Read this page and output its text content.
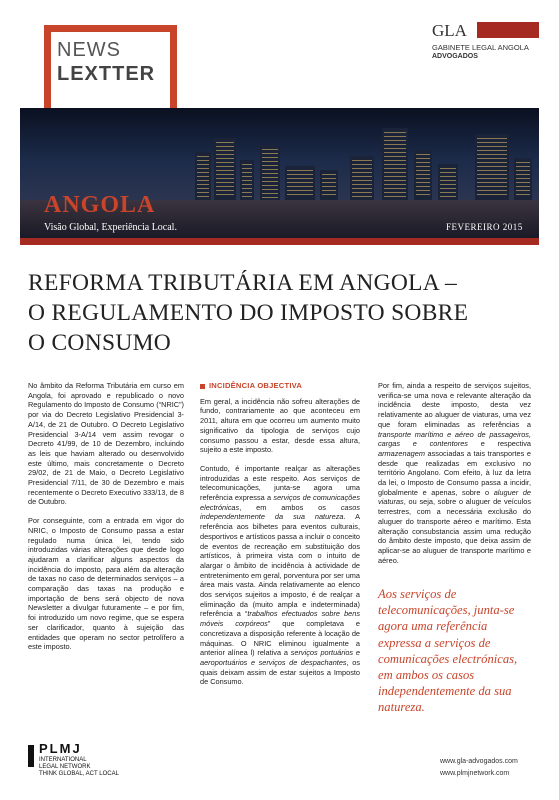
NEWS
LEXTTER
GLA
GABINETE LEGAL ANGOLA
ADVOGADOS
ANGOLA
Visão Global, Experiência Local.	FEVEREIRO 2015
REFORMA TRIBUTÁRIA EM ANGOLA –
O REGULAMENTO DO IMPOSTO SOBRE
O CONSUMO

No âmbito da Reforma Tributária em curso em Angola, foi aprovado e republicado o novo Regulamento do Imposto de Consumo (“NRIC”) por via do Decreto Legislativo Presidencial 3-A/14, de 21 de Outubro. O Decreto Legislativo Presidencial 3-A/14 vem assim revogar o Decreto 41/99, de 10 de Dezembro, incluindo as leis que haviam alterado ou desenvolvido este último, mais concretamente o Decreto 29/02, de 21 de Maio, o Decreto Legislativo Presidencial 7/11, de 30 de Dezembro e mais recentemente o Decreto Executivo 333/13, de 8 de Outubro.

Por conseguinte, com a entrada em vigor do NRIC, o Imposto de Consumo passa a estar regulado numa única lei, tendo sido introduzidas várias alterações que desde logo ajudaram a clarificar alguns aspectos da incidência do imposto, para além da alteração de taxas no caso de determinados serviços – a comparação das taxas na produção e importação de bens será objecto de nova Newsletter a divulgar futuramente – e por fim, foi introduzido um novo regime, que se espera ser clarificador, quanto à sujeição das entidades que operam no sector petrolífero a este imposto.

INCIDÊNCIA OBJECTIVA

Em geral, a incidência não sofreu alterações de fundo, contrariamente ao que aconteceu em 2011, altura em que ocorreu um aumento muito significativo da tipologia de serviços cujo consumo passou a estar, desde essa altura, sujeito a este imposto.

Contudo, é importante realçar as alterações introduzidas a este respeito. Aos serviços de telecomunicações, junta-se agora uma referência expressa a serviços de comunicações electrónicas, em ambos os casos independentemente da sua natureza. A referência aos bilhetes para eventos culturais, desportivos e artísticos passa a incluir o conceito de eventos de recreação em substituição dos artísticos, à primeira vista com o intuito de alargar o âmbito de incidência à actividade de entretenimento em geral, porventura por ser uma área mais vasta. Ainda relativamente ao elenco dos serviços sujeitos a imposto, é de realçar a eliminação da (muito ampla e indeterminada) referência a “trabalhos efectuados sobre bens móveis corpóreos” que completava e concretizava a disposição referente à locação de máquinas. O NRIC eliminou igualmente a anterior alínea l) relativa a serviços portuários e aeroportuários e serviços de despachantes, os quais deixam assim de estar sujeitos a Imposto de Consumo.

Por fim, ainda a respeito de serviços sujeitos, verifica-se uma nova e relevante alteração da incidência deste imposto, desta vez relativamente ao aluguer de viaturas, uma vez que foram eliminadas as referências a transporte marítimo e aéreo de passageiros, cargas e contentores e respectiva armazenagem associadas a tais transportes e desde que realizadas em exclusivo no território Angolano. Com efeito, à luz da letra da lei, o Imposto de Consumo passa a incidir, globalmente e apenas, sobre o aluguer de viaturas, ou seja, sobre o aluguer de veículos terrestres, com a necessária exclusão do aluguer do transporte aéreo e marítimo. Esta alteração consubstancia assim uma redução do âmbito deste imposto, que deixa assim de aplicar-se ao aluguer de transporte marítimo e aéreo.

Aos serviços de telecomunicações, junta-se agora uma referência expressa a serviços de comunicações electrónicas, em ambos os casos independentemente da sua natureza.
PLMJ
INTERNATIONAL
LEGAL NETWORK
THINK GLOBAL, ACT LOCAL
www.gla-advogados.com
www.plmjnetwork.com
